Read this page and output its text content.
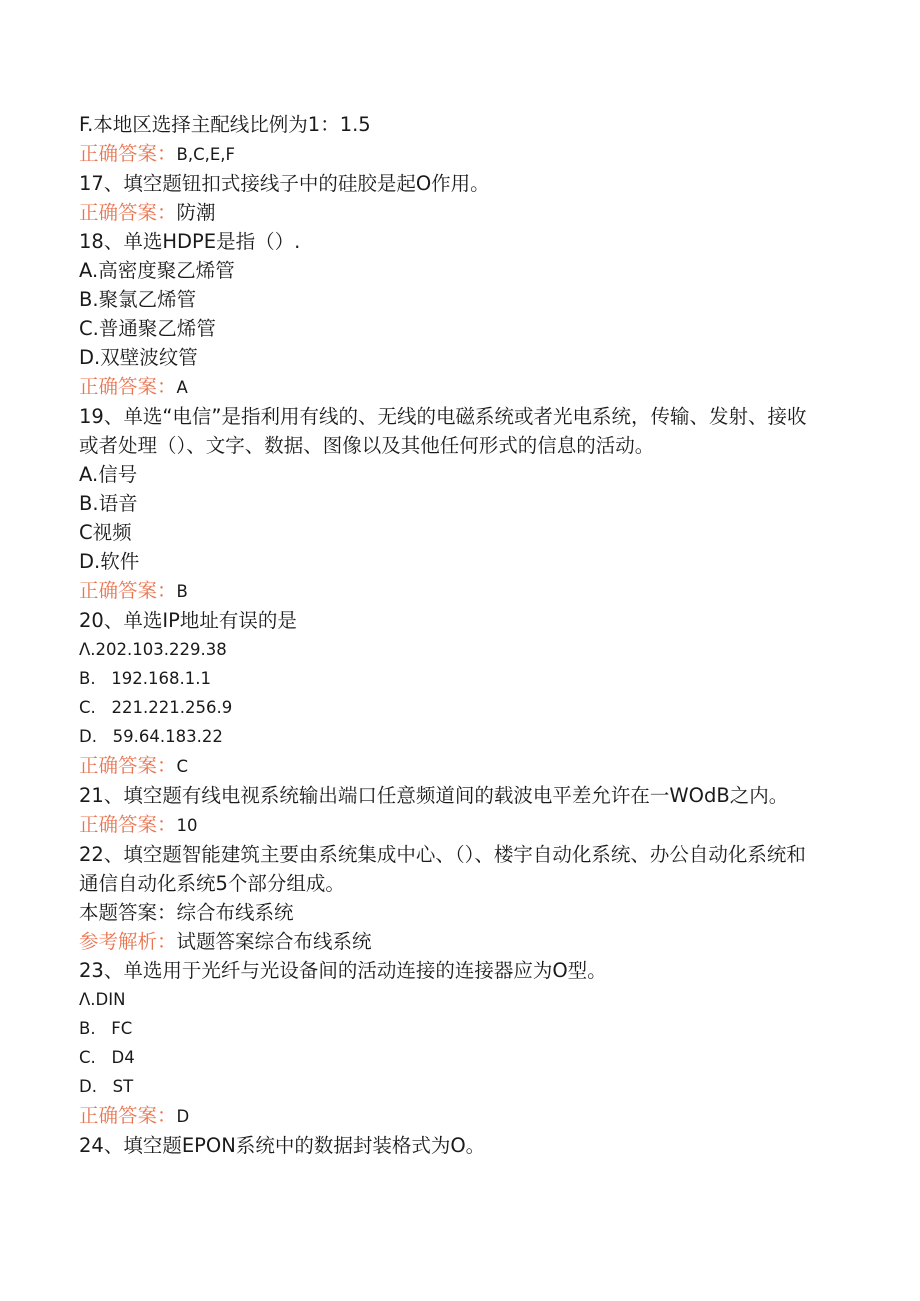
F.本地区选择主配线比例为1：1.5
正确答案：B,C,E,F
17、填空题钮扣式接线子中的硅胶是起O作用。
正确答案：防潮
18、单选HDPE是指（）.
A.高密度聚乙烯管
B.聚氯乙烯管
C.普通聚乙烯管
D.双壁波纹管
正确答案：A
19、单选“电信”是指利用有线的、无线的电磁系统或者光电系统，传输、发射、接收或者处理（）、文字、数据、图像以及其他任何形式的信息的活动。
A.信号
B.语音
C视频
D.软件
正确答案：B
20、单选IP地址有误的是
Λ.202.103.229.38
B.   192.168.1.1
C.   221.221.256.9
D.   59.64.183.22
正确答案：C
21、填空题有线电视系统输出端口任意频道间的载波电平差允许在一WOdB之内。
正确答案：10
22、填空题智能建筑主要由系统集成中心、（）、楼宇自动化系统、办公自动化系统和通信自动化系统5个部分组成。
本题答案：综合布线系统
参考解析：试题答案综合布线系统
23、单选用于光纤与光设备间的活动连接的连接器应为O型。
Λ.DIN
B.   FC
C.   D4
D.   ST
正确答案：D
24、填空题EPON系统中的数据封装格式为O。
